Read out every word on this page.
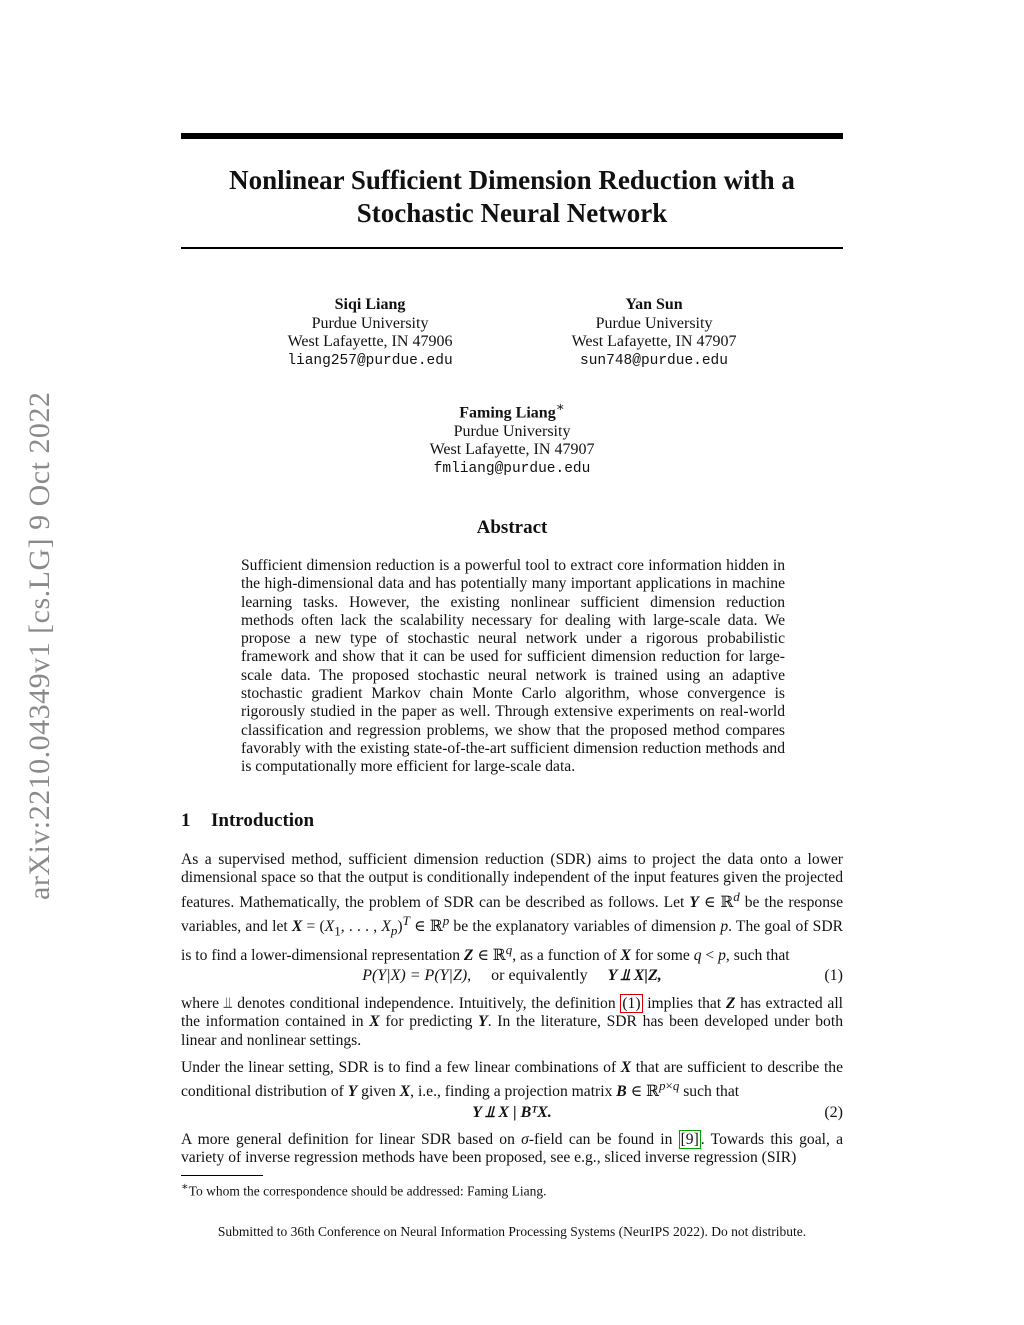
arXiv:2210.04349v1 [cs.LG] 9 Oct 2022
Nonlinear Sufficient Dimension Reduction with a
Stochastic Neural Network
Siqi Liang
Purdue University
West Lafayette, IN 47906
liang257@purdue.edu
Yan Sun
Purdue University
West Lafayette, IN 47907
sun748@purdue.edu
Faming Liang∗
Purdue University
West Lafayette, IN 47907
fmliang@purdue.edu
Abstract
Sufficient dimension reduction is a powerful tool to extract core information hidden in the high-dimensional data and has potentially many important applications in machine learning tasks. However, the existing nonlinear sufficient dimension reduction methods often lack the scalability necessary for dealing with large-scale data. We propose a new type of stochastic neural network under a rigorous probabilistic framework and show that it can be used for sufficient dimension reduction for large-scale data. The proposed stochastic neural network is trained using an adaptive stochastic gradient Markov chain Monte Carlo algorithm, whose convergence is rigorously studied in the paper as well. Through extensive experiments on real-world classification and regression problems, we show that the proposed method compares favorably with the existing state-of-the-art sufficient dimension reduction methods and is computationally more efficient for large-scale data.
1 Introduction
As a supervised method, sufficient dimension reduction (SDR) aims to project the data onto a lower dimensional space so that the output is conditionally independent of the input features given the projected features. Mathematically, the problem of SDR can be described as follows. Let Y ∈ ℝ$^d$ be the response variables, and let $X = (X_1$, . . . , $X_p)^T$ ∈ ℝ$^p$ be the explanatory variables of dimension p. The goal of SDR is to find a lower-dimensional representation Z ∈ ℝ$^q$, as a function of X for some q < p, such that
P(Y|X) = P(Y|Z), or equivalently Y ⫫ X|Z,	(1)
where ⫫ denotes conditional independence. Intuitively, the definition (1) implies that Z has extracted all the information contained in X for predicting Y. In the literature, SDR has been developed under both linear and nonlinear settings.
Under the linear setting, SDR is to find a few linear combinations of X that are sufficient to describe the conditional distribution of Y given X, i.e., finding a projection matrix B ∈ ℝ$^{p\times q}$ such that
Y ⫫ X | BᵀX.	(2)
A more general definition for linear SDR based on σ-field can be found in [9] . Towards this goal, a variety of inverse regression methods have been proposed, see e.g., sliced inverse regression (SIR)
∗To whom the correspondence should be addressed: Faming Liang.
Submitted to 36th Conference on Neural Information Processing Systems (NeurIPS 2022). Do not distribute.
